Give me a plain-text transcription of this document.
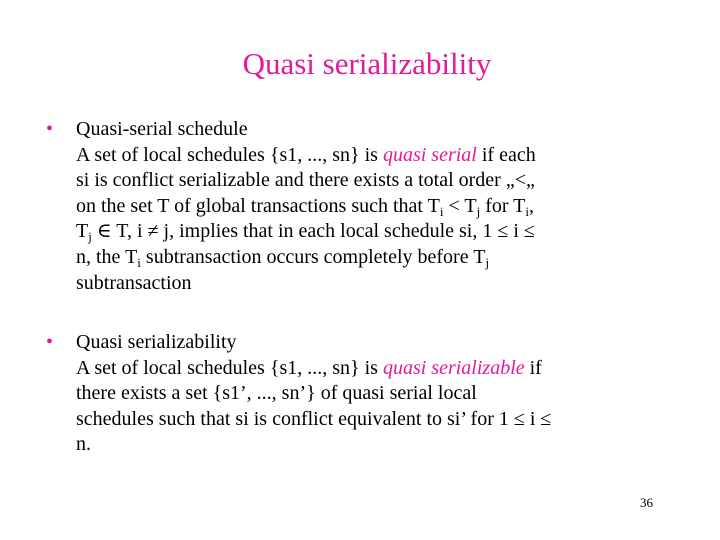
Quasi serializability
• Quasi-serial schedule
A set of local schedules {s1, ..., sn} is quasi serial if each
si is conflict serializable and there exists a total order „<„
on the set T of global transactions such that $T_i < T_j$ for $T_i$,
$T_j$ ∈ T, i ≠ j, implies that in each local schedule si, 1 ≤ i ≤
n, the $T_i$ subtransaction occurs completely before $T_j$
subtransaction
• Quasi serializability
A set of local schedules {s1, ..., sn} is quasi serializable if
there exists a set {s1’, ..., sn’} of quasi serial local
schedules such that si is conflict equivalent to si’ for 1 ≤ i ≤
n.
36
